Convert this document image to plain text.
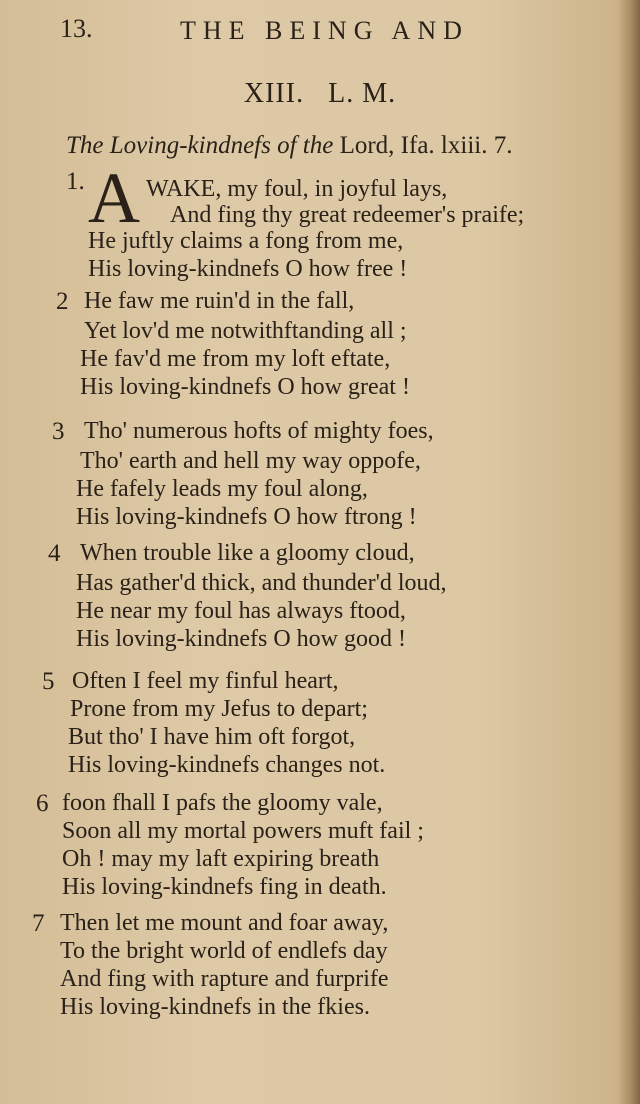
13.	THE BEING AND
XIII. L. M.
The Loving-kindnefs of the Lord, Ifa. lxiii. 7.
1. A WAKE, my foul, in joyful lays,
And fing thy great redeemer's praife;
He juftly claims a fong from me,
His loving-kindnefs O how free !
2 He faw me ruin'd in the fall,
Yet lov'd me notwithftanding all ;
He fav'd me from my loft eftate,
His loving-kindnefs O how great !
3 Tho' numerous hofts of mighty foes,
Tho' earth and hell my way oppofe,
He fafely leads my foul along,
His loving-kindnefs O how ftrong !
4 When trouble like a gloomy cloud,
Has gather'd thick, and thunder'd loud,
He near my foul has always ftood,
His loving-kindnefs O how good !
5 Often I feel my finful heart,
Prone from my Jefus to depart;
But tho' I have him oft forgot,
His loving-kindnefs changes not.
6 foon fhall I pafs the gloomy vale,
Soon all my mortal powers muft fail ;
Oh ! may my laft expiring breath
His loving-kindnefs fing in death.
7 Then let me mount and foar away,
To the bright world of endlefs day
And fing with rapture and furprife
His loving-kindnefs in the fkies.
